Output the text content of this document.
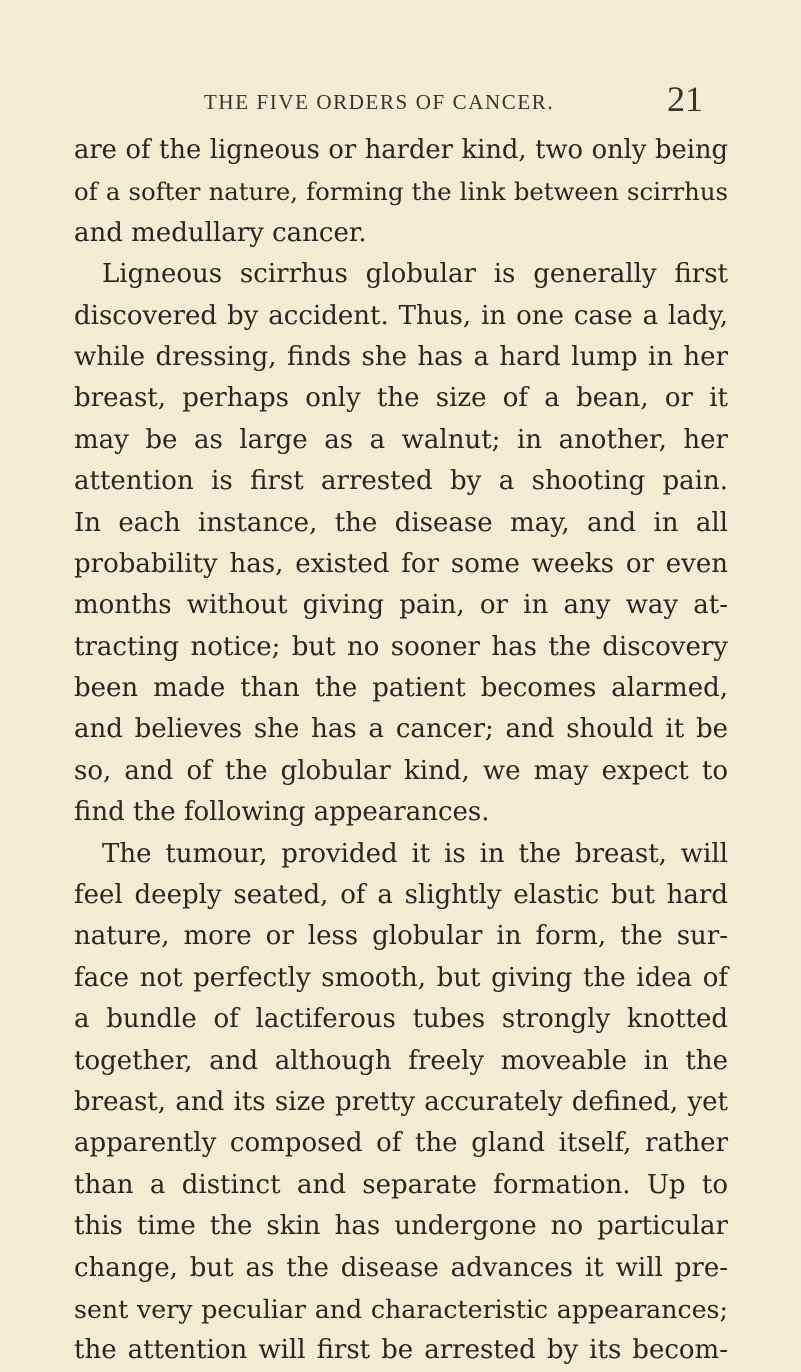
THE FIVE ORDERS OF CANCER.	21
are of the ligneous or harder kind, two only being
of a softer nature, forming the link between scirrhus
and medullary cancer.
Ligneous scirrhus globular is generally first
discovered by accident. Thus, in one case a lady,
while dressing, finds she has a hard lump in her
breast, perhaps only the size of a bean, or it
may be as large as a walnut; in another, her
attention is first arrested by a shooting pain.
In each instance, the disease may, and in all
probability has, existed for some weeks or even
months without giving pain, or in any way at-
tracting notice; but no sooner has the discovery
been made than the patient becomes alarmed,
and believes she has a cancer; and should it be
so, and of the globular kind, we may expect to
find the following appearances.
The tumour, provided it is in the breast, will
feel deeply seated, of a slightly elastic but hard
nature, more or less globular in form, the sur-
face not perfectly smooth, but giving the idea of
a bundle of lactiferous tubes strongly knotted
together, and although freely moveable in the
breast, and its size pretty accurately defined, yet
apparently composed of the gland itself, rather
than a distinct and separate formation. Up to
this time the skin has undergone no particular
change, but as the disease advances it will pre-
sent very peculiar and characteristic appearances;
the attention will first be arrested by its becom-
